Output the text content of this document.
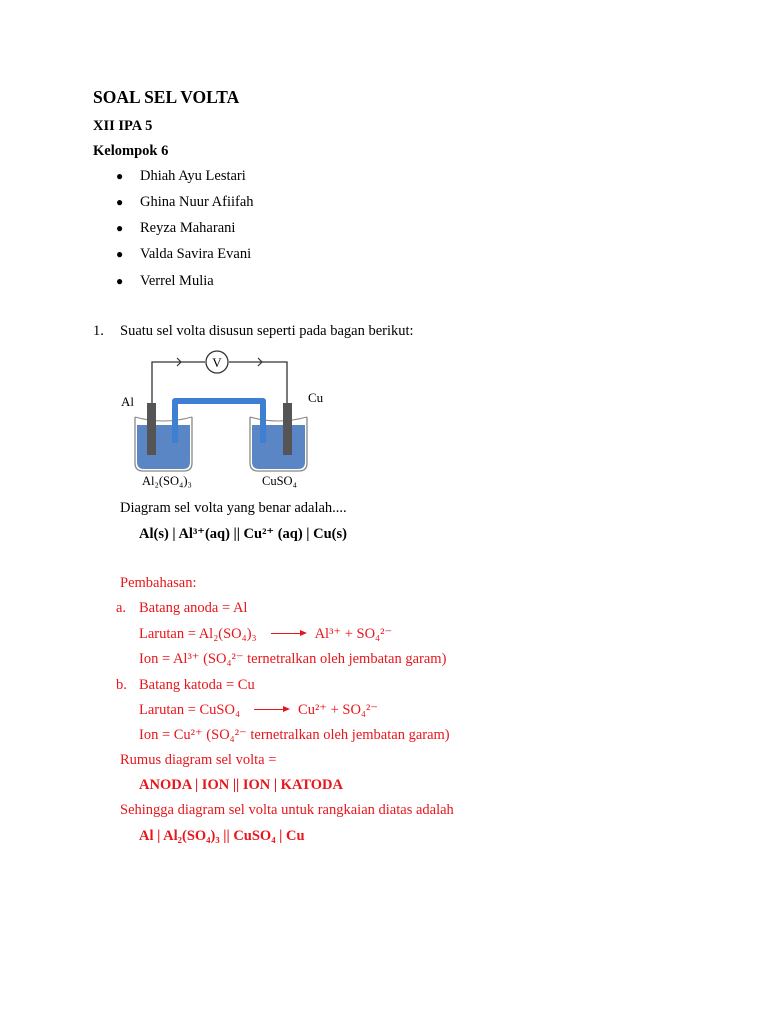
SOAL SEL VOLTA
XII IPA 5
Kelompok 6
● Dhiah Ayu Lestari
● Ghina Nuur Afiifah
● Reyza Maharani
● Valda Savira Evani
● Verrel Mulia
1. Suatu sel volta disusun seperti pada bagan berikut:
V
Al	Cu
Al₂(SO₄)₃	CuSO₄
Diagram sel volta yang benar adalah....
Al(s) | Al³⁺(aq) || Cu²⁺ (aq) | Cu(s)
Pembahasan:
a. Batang anoda = Al
Larutan = Al₂(SO₄)₃	Al³⁺ + SO₄²⁻
Ion = Al³⁺ (SO₄²⁻ ternetralkan oleh jembatan garam)
b. Batang katoda = Cu
Larutan = CuSO₄	Cu²⁺ + SO₄²⁻
Ion = Cu²⁺ (SO₄²⁻ ternetralkan oleh jembatan garam)
Rumus diagram sel volta =
ANODA | ION || ION | KATODA
Sehingga diagram sel volta untuk rangkaian diatas adalah
Al | Al₂(SO₄)₃ || CuSO₄ | Cu
